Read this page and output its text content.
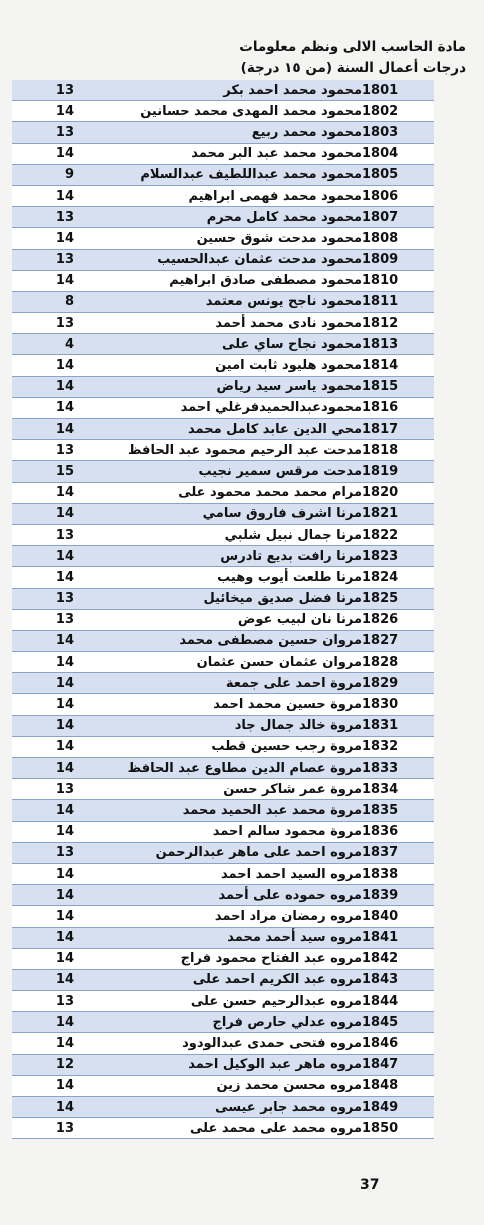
مادة الحاسب الالى ونظم معلومات
درجات أعمال السنة (من ١٥ درجة)
13	محمود محمد احمد بكر	1801
14	محمود محمد المهدى محمد حسانين	1802
13	محمود محمد ربيع	1803
14	محمود محمد عبد البر محمد	1804
9	محمود محمد عبداللطيف عبدالسلام	1805
14	محمود محمد فهمى ابراهيم	1806
13	محمود محمد كامل محرم	1807
14	محمود مدحت شوق حسين	1808
13	محمود مدحت عثمان عبدالحسيب	1809
14	محمود مصطفى صادق ابراهيم	1810
8	محمود ناجح يونس معتمد	1811
13	محمود نادى محمد أحمد	1812
4	محمود نجاح ساي على	1813
14	محمود هليود ثابت امين	1814
14	محمود ياسر سيد رياض	1815
14	محمودعبدالحميدفرغلي احمد	1816
14	محي الدين عابد كامل محمد	1817
13	مدحت عبد الرحيم محمود عبد الحافظ	1818
15	مدحت مرقس سمير نجيب	1819
14	مرام محمد محمد محمود على	1820
14	مرنا اشرف فاروق سامي	1821
13	مرنا جمال نبيل شلبي	1822
14	مرنا رافت بديع تادرس	1823
14	مرنا طلعت أيوب وهيب	1824
13	مرنا فضل صديق ميخائيل	1825
13	مرنا نان لبيب عوض	1826
14	مروان حسين مصطفى محمد	1827
14	مروان عثمان حسن عثمان	1828
14	مروة احمد على جمعة	1829
14	مروة حسين محمد احمد	1830
14	مروة خالد جمال جاد	1831
14	مروة رجب حسين قطب	1832
14	مروة عصام الدين مطاوع عبد الحافظ	1833
13	مروة عمر شاكر حسن	1834
14	مروة محمد عبد الحميد محمد	1835
14	مروة محمود سالم احمد	1836
13	مروه احمد على ماهر عبدالرحمن	1837
14	مروه السيد احمد احمد	1838
14	مروه حموده على أحمد	1839
14	مروه رمضان مراد احمد	1840
14	مروه سيد أحمد محمد	1841
14	مروه عبد الفتاح محمود فراج	1842
14	مروه عبد الكريم احمد على	1843
13	مروه عبدالرحيم حسن على	1844
14	مروه عدلي حارص فراج	1845
14	مروه فتحى حمدى عبدالودود	1846
12	مروه ماهر عبد الوكيل احمد	1847
14	مروه محسن محمد زين	1848
14	مروه محمد جابر عيسى	1849
13	مروه محمد على محمد على	1850
37
